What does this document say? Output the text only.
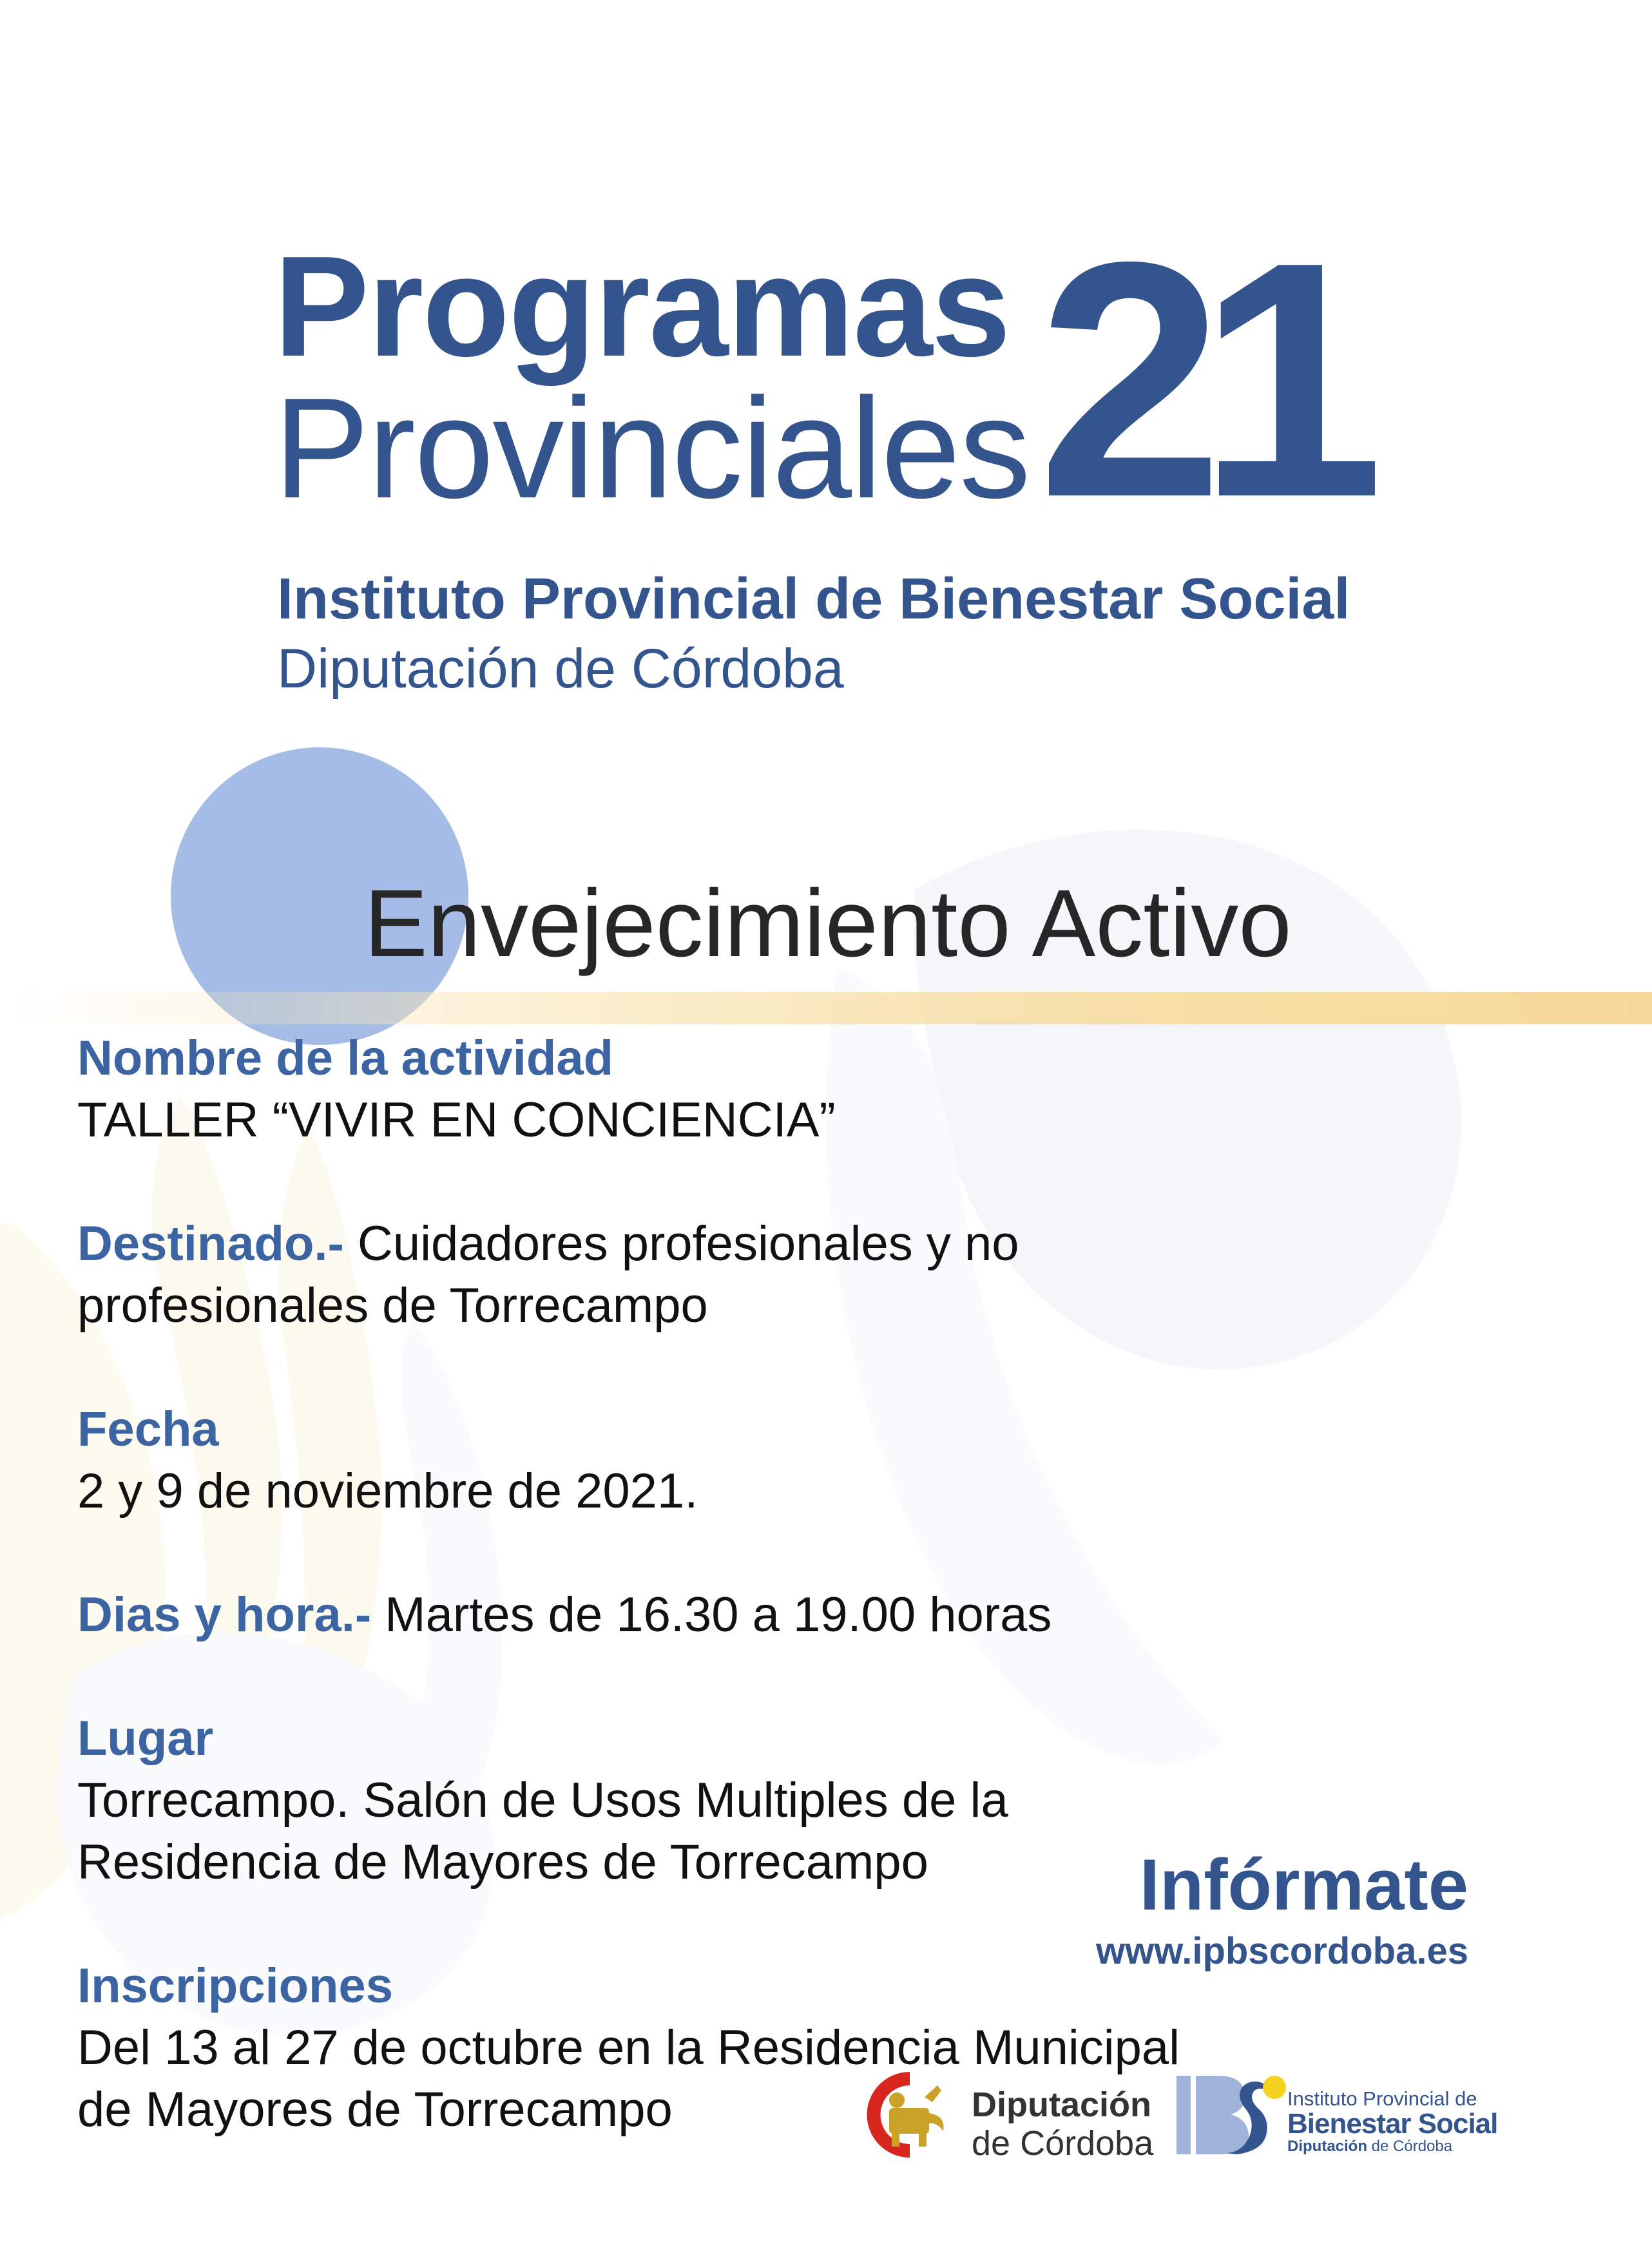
Programas
Provinciales 21
Instituto Provincial de Bienestar Social
Diputación de Córdoba
Envejecimiento Activo
Nombre de la actividad
TALLER “VIVIR EN CONCIENCIA”
Destinado.- Cuidadores profesionales y no
profesionales de Torrecampo
Fecha
2 y 9 de noviembre de 2021.
Dias y hora.- Martes de 16.30 a 19.00 horas
Lugar
Torrecampo. Salón de Usos Multiples de la
Residencia de Mayores de Torrecampo
Inscripciones
Del 13 al 27 de octubre en la Residencia Municipal
de Mayores de Torrecampo
Infórmate
www.ipbscordoba.es
Diputación
de Córdoba
Instituto Provincial de
Bienestar Social
Diputación de Córdoba
